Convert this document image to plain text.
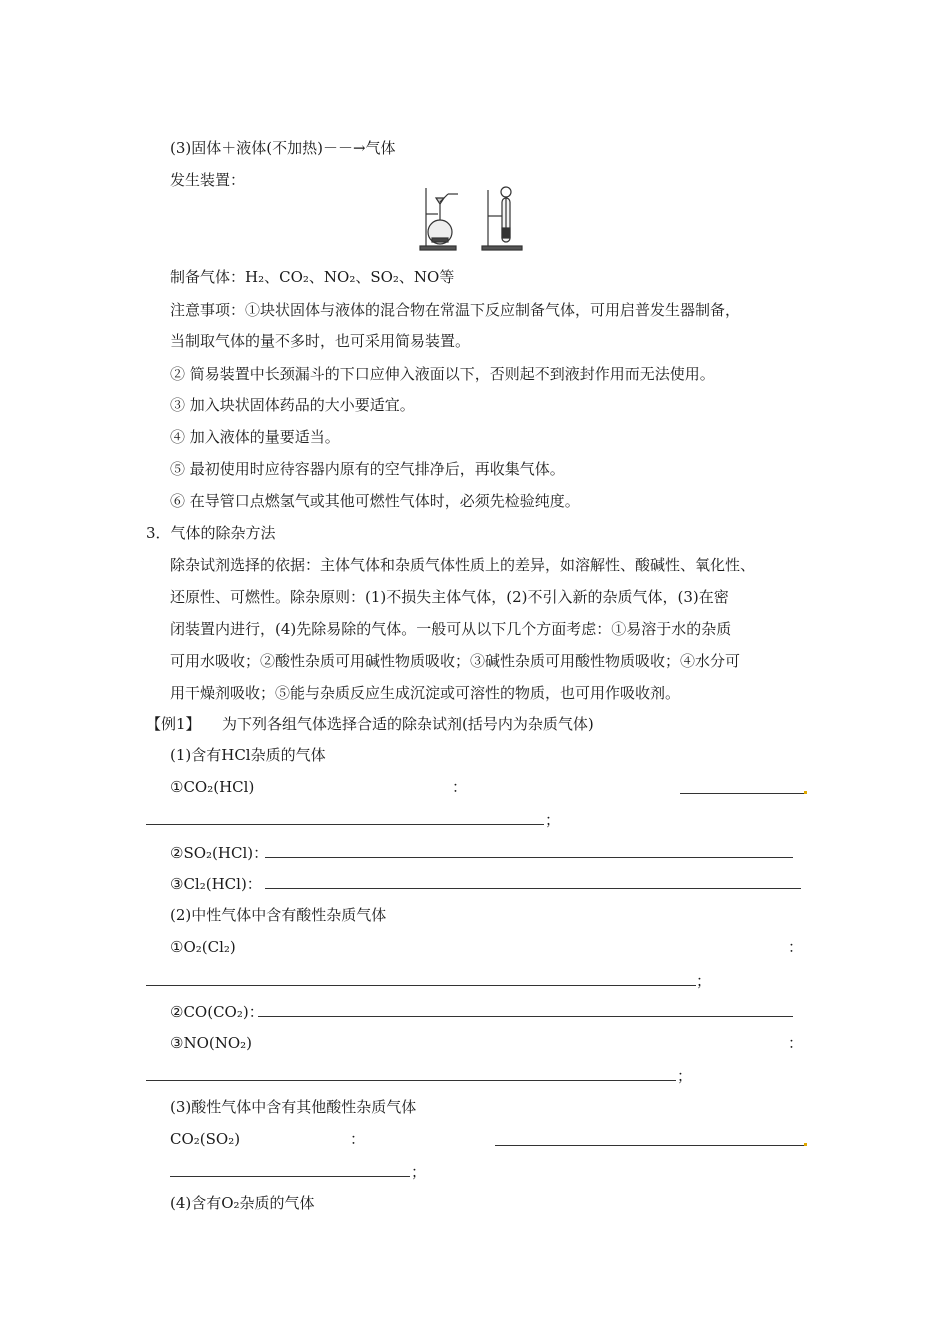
(3)固体＋液体(不加热)－－→气体
发生装置：
制备气体：H₂、CO₂、NO₂、SO₂、NO等
注意事项：①块状固体与液体的混合物在常温下反应制备气体，可用启普发生器制备，
当制取气体的量不多时，也可采用简易装置。
② 简易装置中长颈漏斗的下口应伸入液面以下，否则起不到液封作用而无法使用。
③ 加入块状固体药品的大小要适宜。
④ 加入液体的量要适当。
⑤ 最初使用时应待容器内原有的空气排净后，再收集气体。
⑥ 在导管口点燃氢气或其他可燃性气体时，必须先检验纯度。
3．气体的除杂方法
除杂试剂选择的依据：主体气体和杂质气体性质上的差异，如溶解性、酸碱性、氧化性、
还原性、可燃性。除杂原则：(1)不损失主体气体，(2)不引入新的杂质气体，(3)在密
闭装置内进行，(4)先除易除的气体。一般可从以下几个方面考虑：①易溶于水的杂质
可用水吸收；②酸性杂质可用碱性物质吸收；③碱性杂质可用酸性物质吸收；④水分可
用干燥剂吸收；⑤能与杂质反应生成沉淀或可溶性的物质，也可用作吸收剂。
【例1】 为下列各组气体选择合适的除杂试剂(括号内为杂质气体)
(1)含有HCl杂质的气体
①CO₂(HCl)	：
；
②SO₂(HCl)：
③Cl₂(HCl)：
(2)中性气体中含有酸性杂质气体
①O₂(Cl₂)	：
；
②CO(CO₂)：
③NO(NO₂)	：
；
(3)酸性气体中含有其他酸性杂质气体
CO₂(SO₂)	：
；
(4)含有O₂杂质的气体
